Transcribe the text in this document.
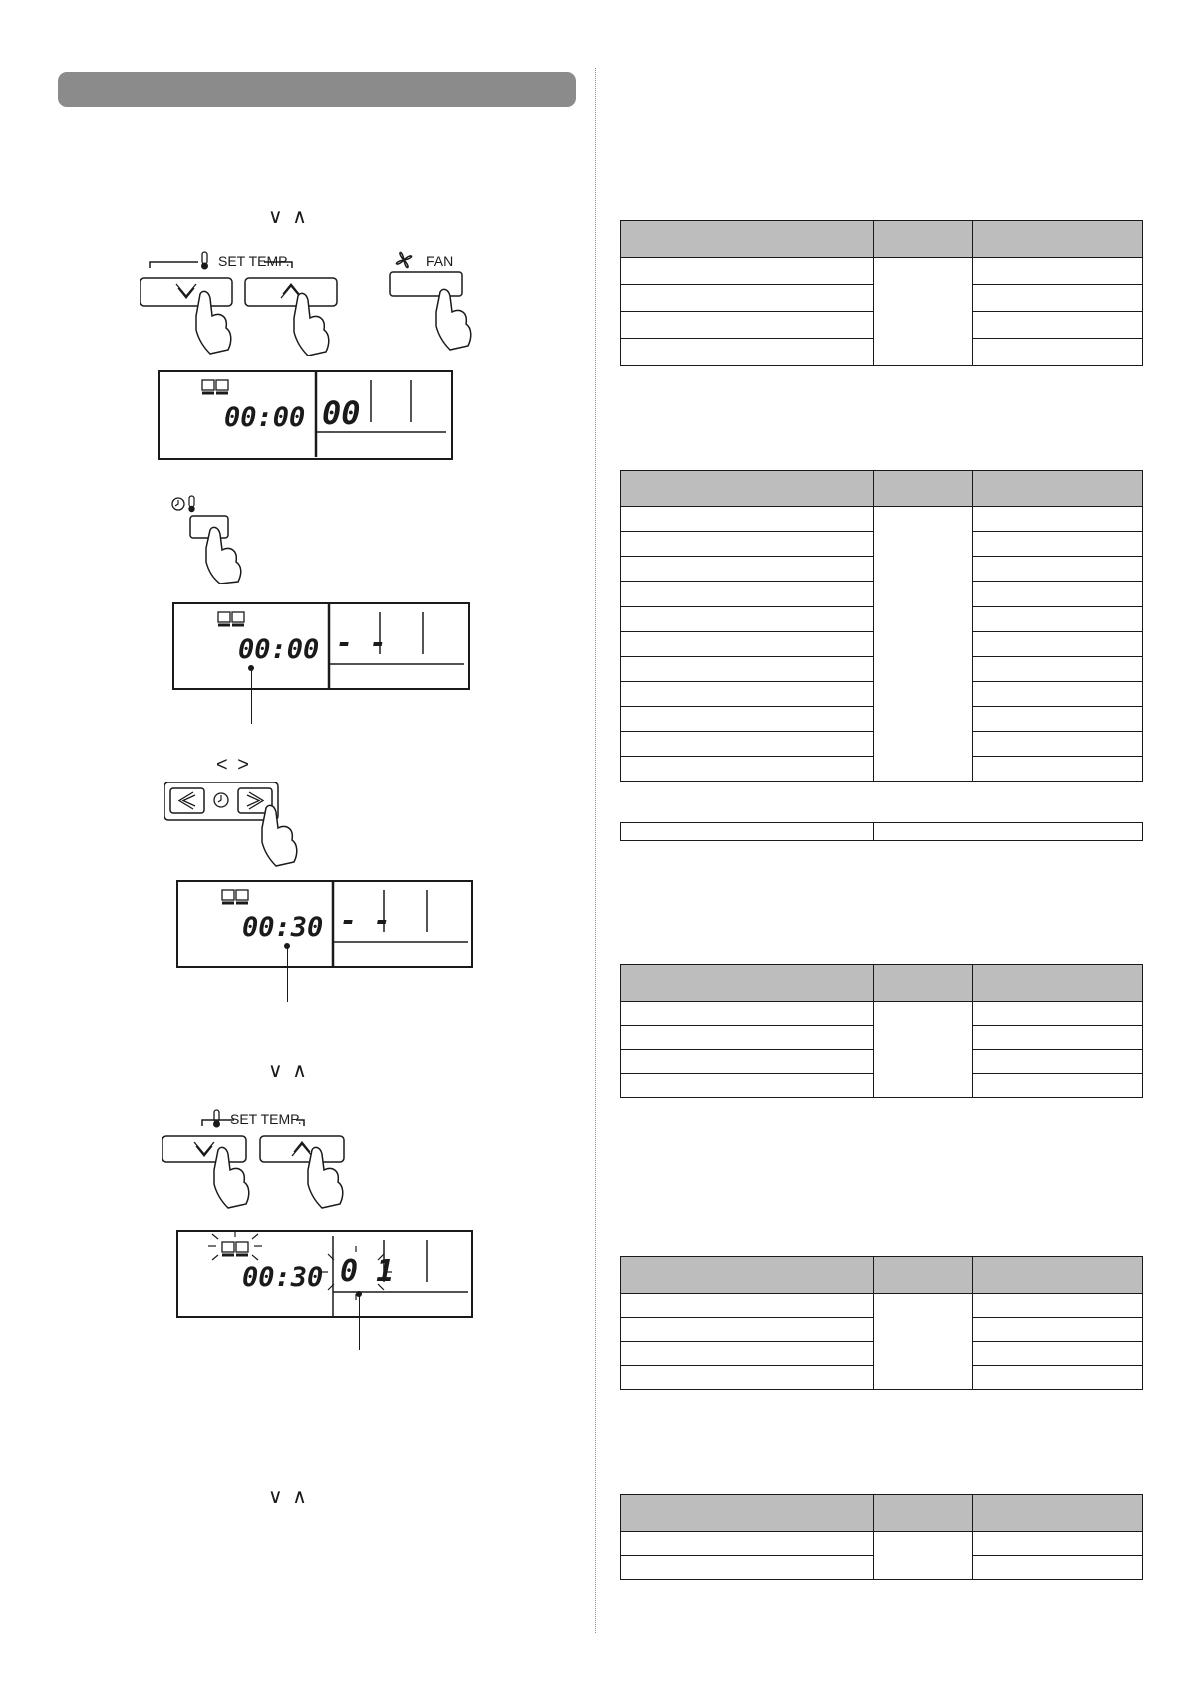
∨ ∧
SET TEMP.	FAN
00:00 00
00:00 - -
< >
00:30 - -
∨ ∧
SET TEMP.
00:30 0 1
∨ ∧
